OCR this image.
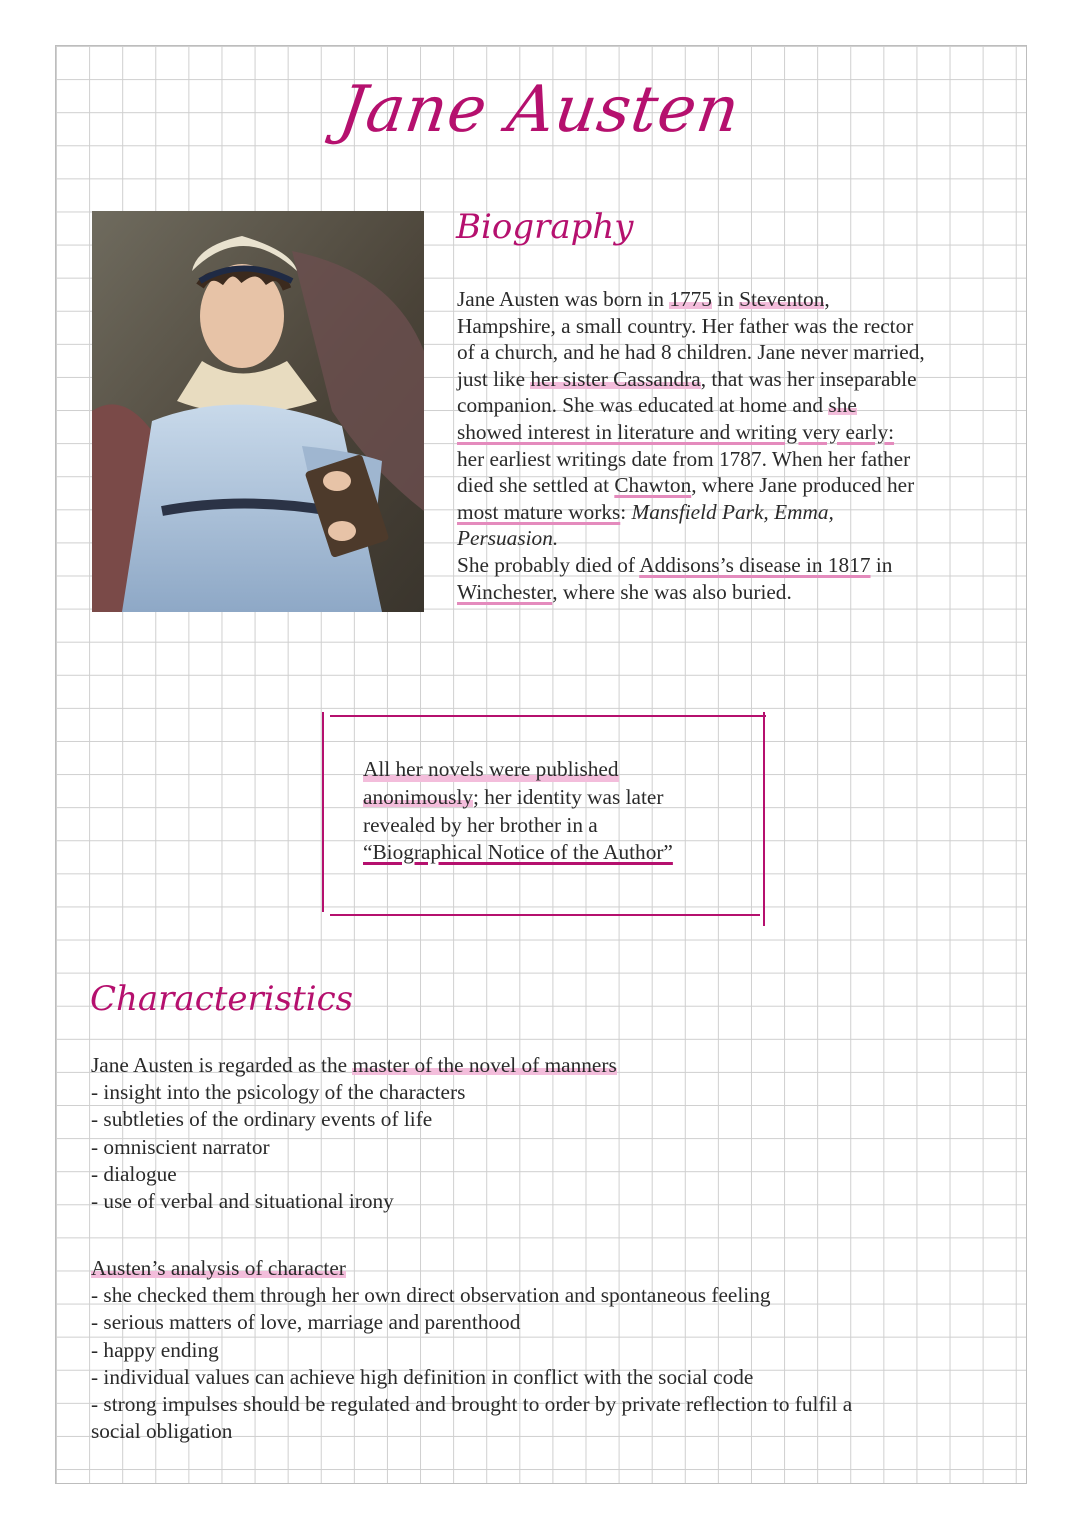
Jane Austen
Biography
Jane Austen was born in 1775 in Steventon,
Hampshire, a small country. Her father was the rector
of a church, and he had 8 children. Jane never married,
just like her sister Cassandra, that was her inseparable
companion. She was educated at home and she
showed interest in literature and writing very early:
her earliest writings date from 1787. When her father
died she settled at Chawton, where Jane produced her
most mature works: Mansfield Park, Emma,
Persuasion.
She probably died of Addisons’s disease in 1817 in
Winchester, where she was also buried.
All her novels were published
anonimously; her identity was later
revealed by her brother in a
“Biographical Notice of the Author”
Characteristics
Jane Austen is regarded as the master of the novel of manners
- insight into the psicology of the characters
- subtleties of the ordinary events of life
- omniscient narrator
- dialogue
- use of verbal and situational irony
Austen’s analysis of character
- she checked them through her own direct observation and spontaneous feeling
- serious matters of love, marriage and parenthood
- happy ending
- individual values can achieve high definition in conflict with the social code
- strong impulses should be regulated and brought to order by private reflection to fulfil a
social obligation
